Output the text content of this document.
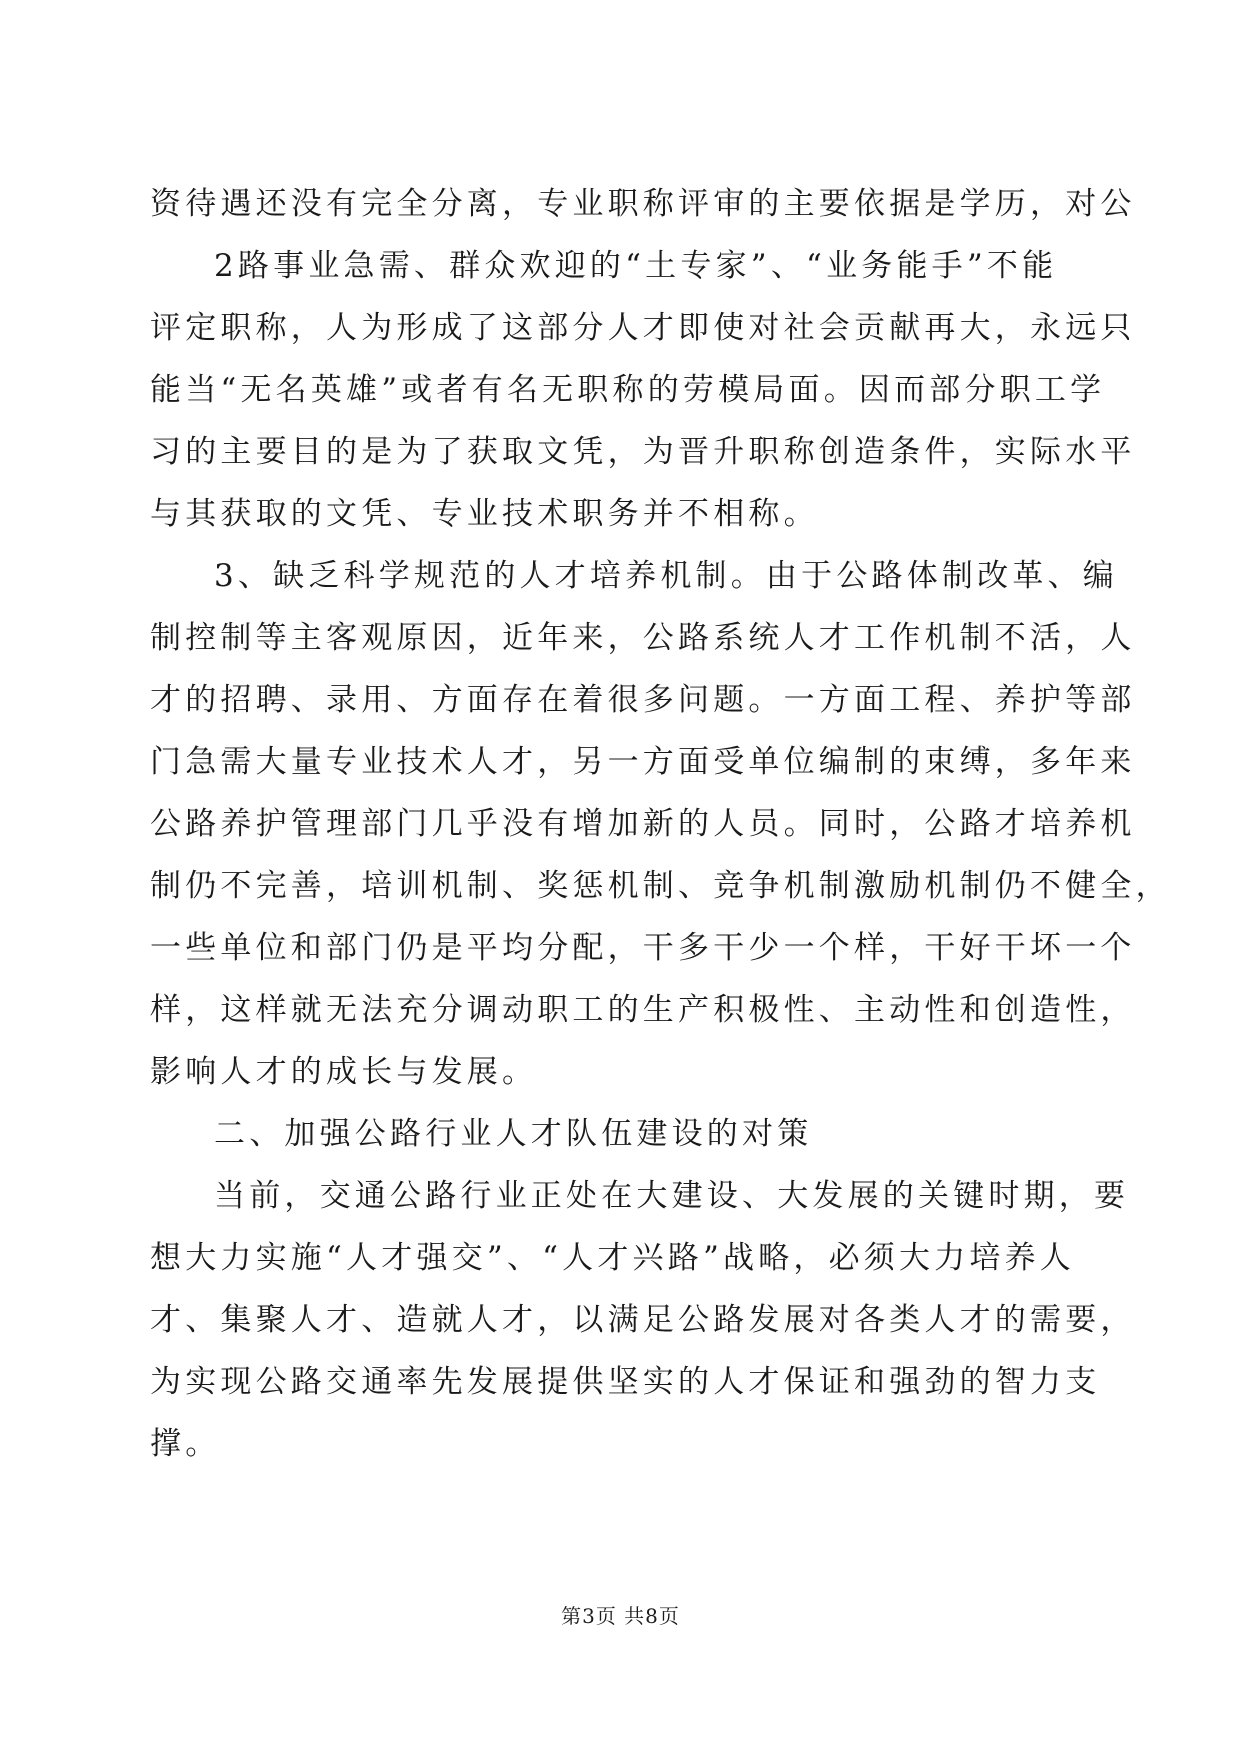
资待遇还没有完全分离，专业职称评审的主要依据是学历，对公
2路事业急需、群众欢迎的“土专家”、“业务能手”不能
评定职称，人为形成了这部分人才即使对社会贡献再大，永远只
能当“无名英雄”或者有名无职称的劳模局面。因而部分职工学
习的主要目的是为了获取文凭，为晋升职称创造条件，实际水平
与其获取的文凭、专业技术职务并不相称。
3、缺乏科学规范的人才培养机制。由于公路体制改革、编
制控制等主客观原因，近年来，公路系统人才工作机制不活，人
才的招聘、录用、方面存在着很多问题。一方面工程、养护等部
门急需大量专业技术人才，另一方面受单位编制的束缚，多年来
公路养护管理部门几乎没有增加新的人员。同时，公路才培养机
制仍不完善，培训机制、奖惩机制、竞争机制激励机制仍不健全，
一些单位和部门仍是平均分配，干多干少一个样，干好干坏一个
样，这样就无法充分调动职工的生产积极性、主动性和创造性，
影响人才的成长与发展。
二、加强公路行业人才队伍建设的对策
当前，交通公路行业正处在大建设、大发展的关键时期，要
想大力实施“人才强交”、“人才兴路”战略，必须大力培养人
才、集聚人才、造就人才，以满足公路发展对各类人才的需要，
为实现公路交通率先发展提供坚实的人才保证和强劲的智力支
撑。
第3页 共8页
